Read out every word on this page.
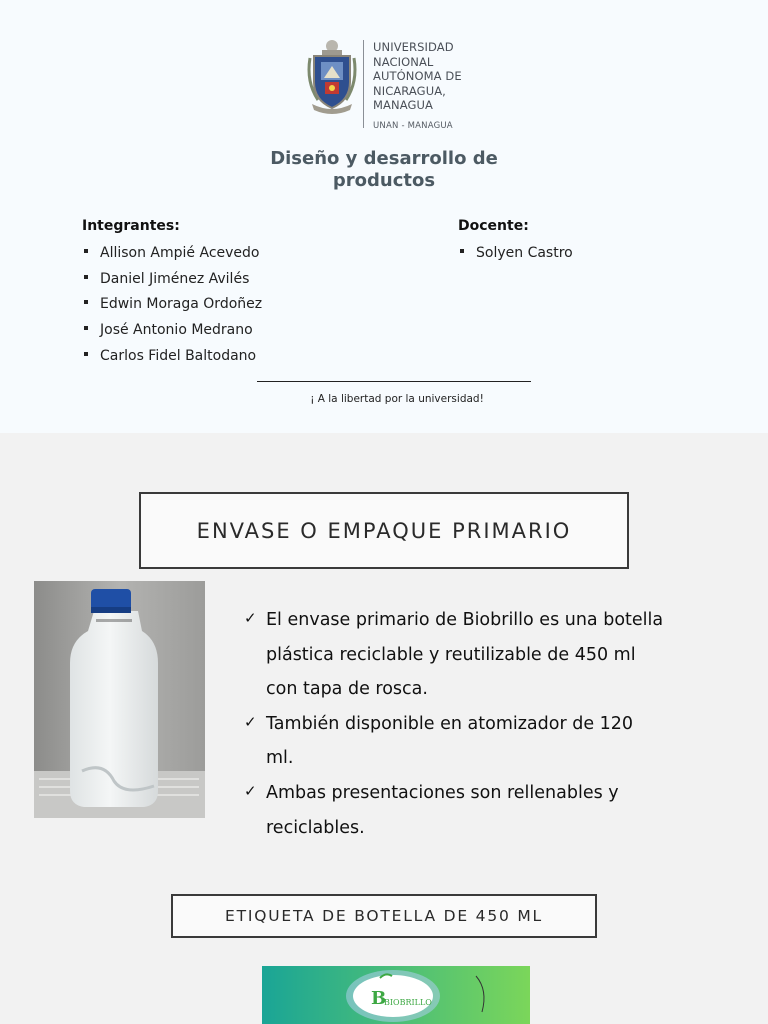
UNIVERSIDAD
NACIONAL
AUTÓNOMA DE
NICARAGUA,
MANAGUA
UNAN - MANAGUA
Diseño y desarrollo de
productos
Integrantes:
Allison Ampié Acevedo
Daniel Jiménez Avilés
Edwin Moraga Ordoñez
José Antonio Medrano
Carlos Fidel Baltodano
Docente:
Solyen Castro
¡ A la libertad por la universidad!
ENVASE O EMPAQUE PRIMARIO
✓ El envase primario de Biobrillo es una botella plástica reciclable y reutilizable de 450 ml con tapa de rosca.
✓ También disponible en atomizador de 120 ml.
✓ Ambas presentaciones son rellenables y reciclables.
ETIQUETA DE BOTELLA DE 450 ML
B
BIOBRILLO
